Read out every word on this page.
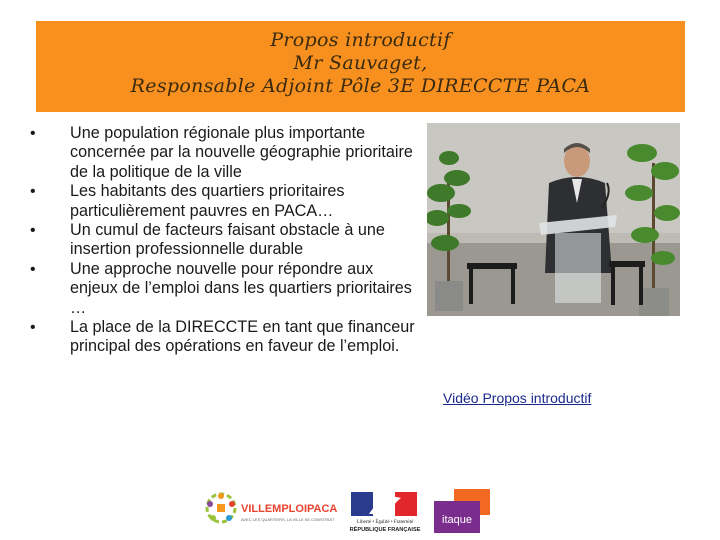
Propos introductif
Mr Sauvaget,
Responsable Adjoint Pôle 3E DIRECCTE PACA
• Une population régionale plus importante concernée par la nouvelle géographie prioritaire de la politique de la ville
• Les habitants des quartiers prioritaires particulièrement pauvres en PACA…
• Un cumul de facteurs faisant obstacle à une insertion professionnelle durable
• Une approche nouvelle pour répondre aux enjeux de l’emploi dans les quartiers prioritaires …
• La place de la DIRECCTE en tant que financeur principal des opérations en faveur de l’emploi.
Vidéo Propos introductif
VILLEMPLOIPACA
AVEC LES QUARTIERS, LA VILLE SE CONSTRUIT
Liberté • Égalité • Fraternité
RÉPUBLIQUE FRANÇAISE
itaque
